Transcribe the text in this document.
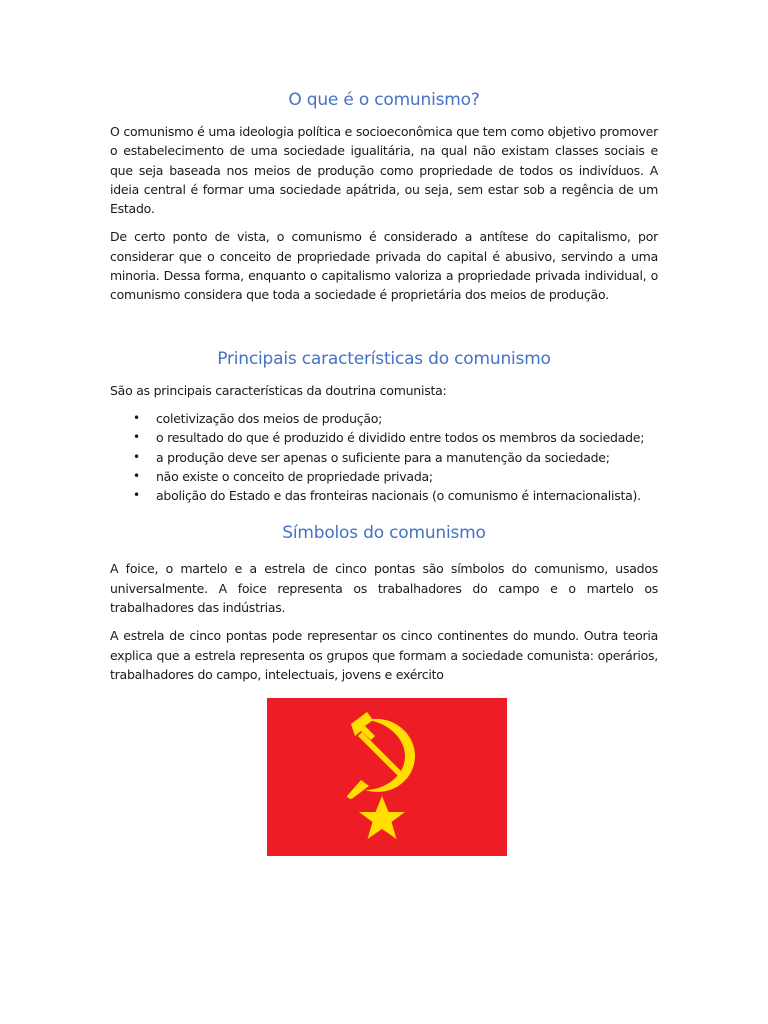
O que é o comunismo?

O comunismo é uma ideologia política e socioeconômica que tem como objetivo promover o estabelecimento de uma sociedade igualitária, na qual não existam classes sociais e que seja baseada nos meios de produção como propriedade de todos os indivíduos. A ideia central é formar uma sociedade apátrida, ou seja, sem estar sob a regência de um Estado.

De certo ponto de vista, o comunismo é considerado a antítese do capitalismo, por considerar que o conceito de propriedade privada do capital é abusivo, servindo a uma minoria. Dessa forma, enquanto o capitalismo valoriza a propriedade privada individual, o comunismo considera que toda a sociedade é proprietária dos meios de produção.

Principais características do comunismo

São as principais características da doutrina comunista:

• coletivização dos meios de produção;
• o resultado do que é produzido é dividido entre todos os membros da sociedade;
• a produção deve ser apenas o suficiente para a manutenção da sociedade;
• não existe o conceito de propriedade privada;
• abolição do Estado e das fronteiras nacionais (o comunismo é internacionalista).
Símbolos do comunismo

A foice, o martelo e a estrela de cinco pontas são símbolos do comunismo, usados universalmente. A foice representa os trabalhadores do campo e o martelo os trabalhadores das indústrias.

A estrela de cinco pontas pode representar os cinco continentes do mundo. Outra teoria explica que a estrela representa os grupos que formam a sociedade comunista: operários, trabalhadores do campo, intelectuais, jovens e exército
